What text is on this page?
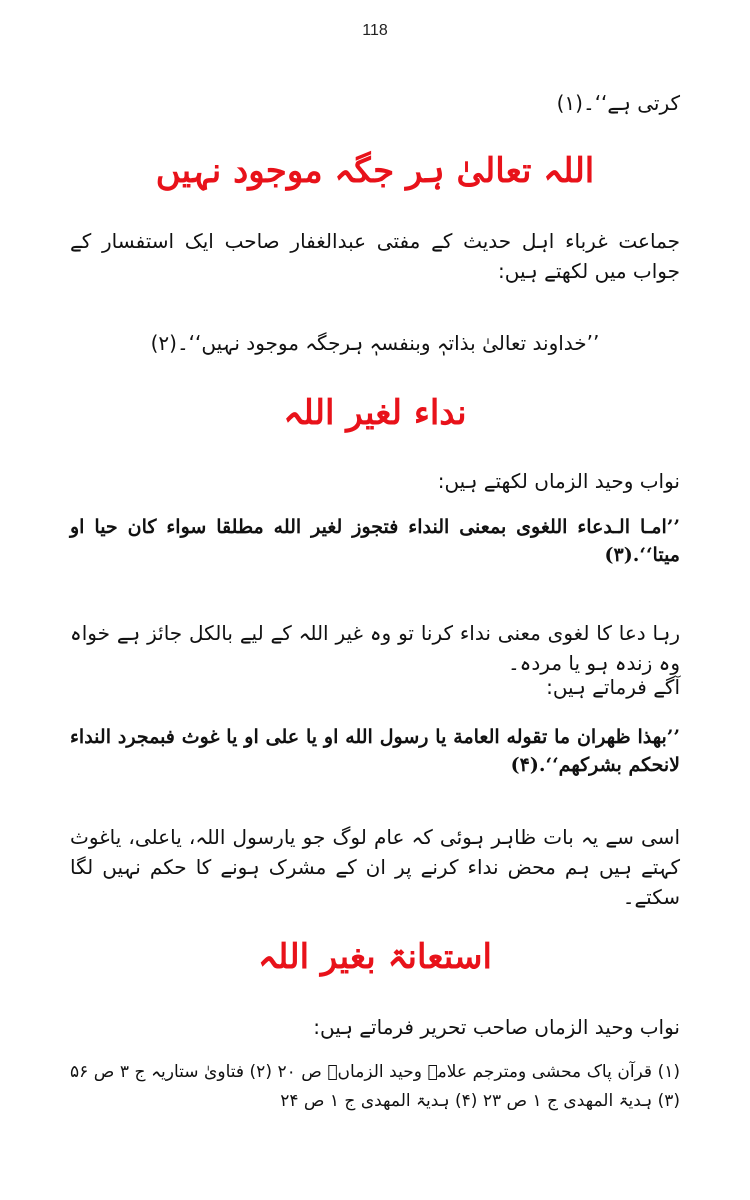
118
کرتی ہے‘‘۔(۱)
اللہ تعالیٰ ہر جگہ موجود نہیں
جماعت غرباء اہل حدیث کے مفتی عبدالغفار صاحب ایک استفسار کے جواب میں لکھتے ہیں:
’’خداوند تعالیٰ بذاتہٖ وبنفسہٖ ہرجگہ موجود نہیں‘‘۔(۲)
نداء لغیر اللہ
نواب وحید الزماں لکھتے ہیں:
’’امـا الـدعاء اللغوی بمعنی النداء فتجوز لغیر الله مطلقا سواء کان حیا او میتا‘‘.(۳)
رہا دعا کا لغوی معنی نداء کرنا تو وہ غیر اللہ کے لیے بالکل جائز ہے خواہ وہ زندہ ہو یا مردہ۔
آگے فرماتے ہیں:
’’بھذا ظھران ما تقوله العامة یا رسول الله او یا علی او یا غوث فبمجرد النداء لانحکم بشرکھم‘‘.(۴)
اسی سے یہ بات ظاہر ہوئی کہ عام لوگ جو یارسول اللہ، یاعلی، یاغوث کہتے ہیں ہم محض نداء کرنے پر ان کے مشرک ہونے کا حکم نہیں لگا سکتے۔
استعانۃ بغیر اللہ
نواب وحید الزماں صاحب تحریر فرماتے ہیں:
(۱) قرآن پاک محشی ومترجم علامہ وحید الزماںؒ ص ۲۰ (۲) فتاویٰ ستاریہ ج ۳ ص ۵۶ (۳) ہدیۃ المھدی ج ۱ ص ۲۳ (۴) ہدیۃ المھدی ج ۱ ص ۲۴
